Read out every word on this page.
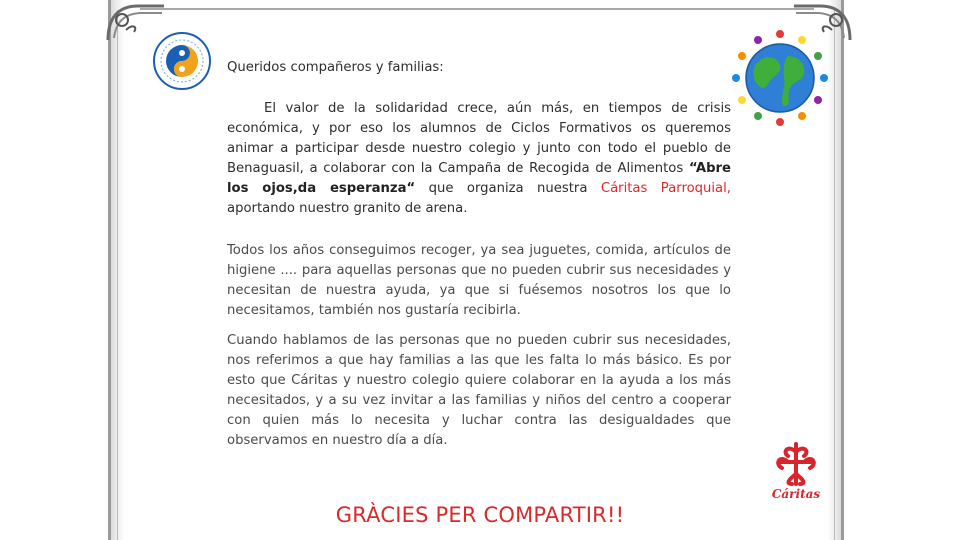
Cáritas

Queridos compañeros y familias:

El valor de la solidaridad crece, aún más, en tiempos de crisis económica, y por eso los alumnos de Ciclos Formativos os queremos animar a participar desde nuestro colegio y junto con todo el pueblo de Benaguasil, a colaborar con la Campaña de Recogida de Alimentos “Abre los ojos,da esperanza“ que organiza nuestra Cáritas Parroquial, aportando nuestro granito de arena.

Todos los años conseguimos recoger, ya sea juguetes, comida, artículos de higiene .... para aquellas personas que no pueden cubrir sus necesidades y necesitan de nuestra ayuda, ya que si fuésemos nosotros los que lo necesitamos, también nos gustaría recibirla.

Cuando hablamos de las personas que no pueden cubrir sus necesidades, nos referimos a que hay familias a las que les falta lo más básico. Es por esto que Cáritas y nuestro colegio quiere colaborar en la ayuda a los más necesitados, y a su vez invitar a las familias y niños del centro a cooperar con quien más lo necesita y luchar contra las desigualdades que observamos en nuestro día a día.

GRÀCIES PER COMPARTIR!!
